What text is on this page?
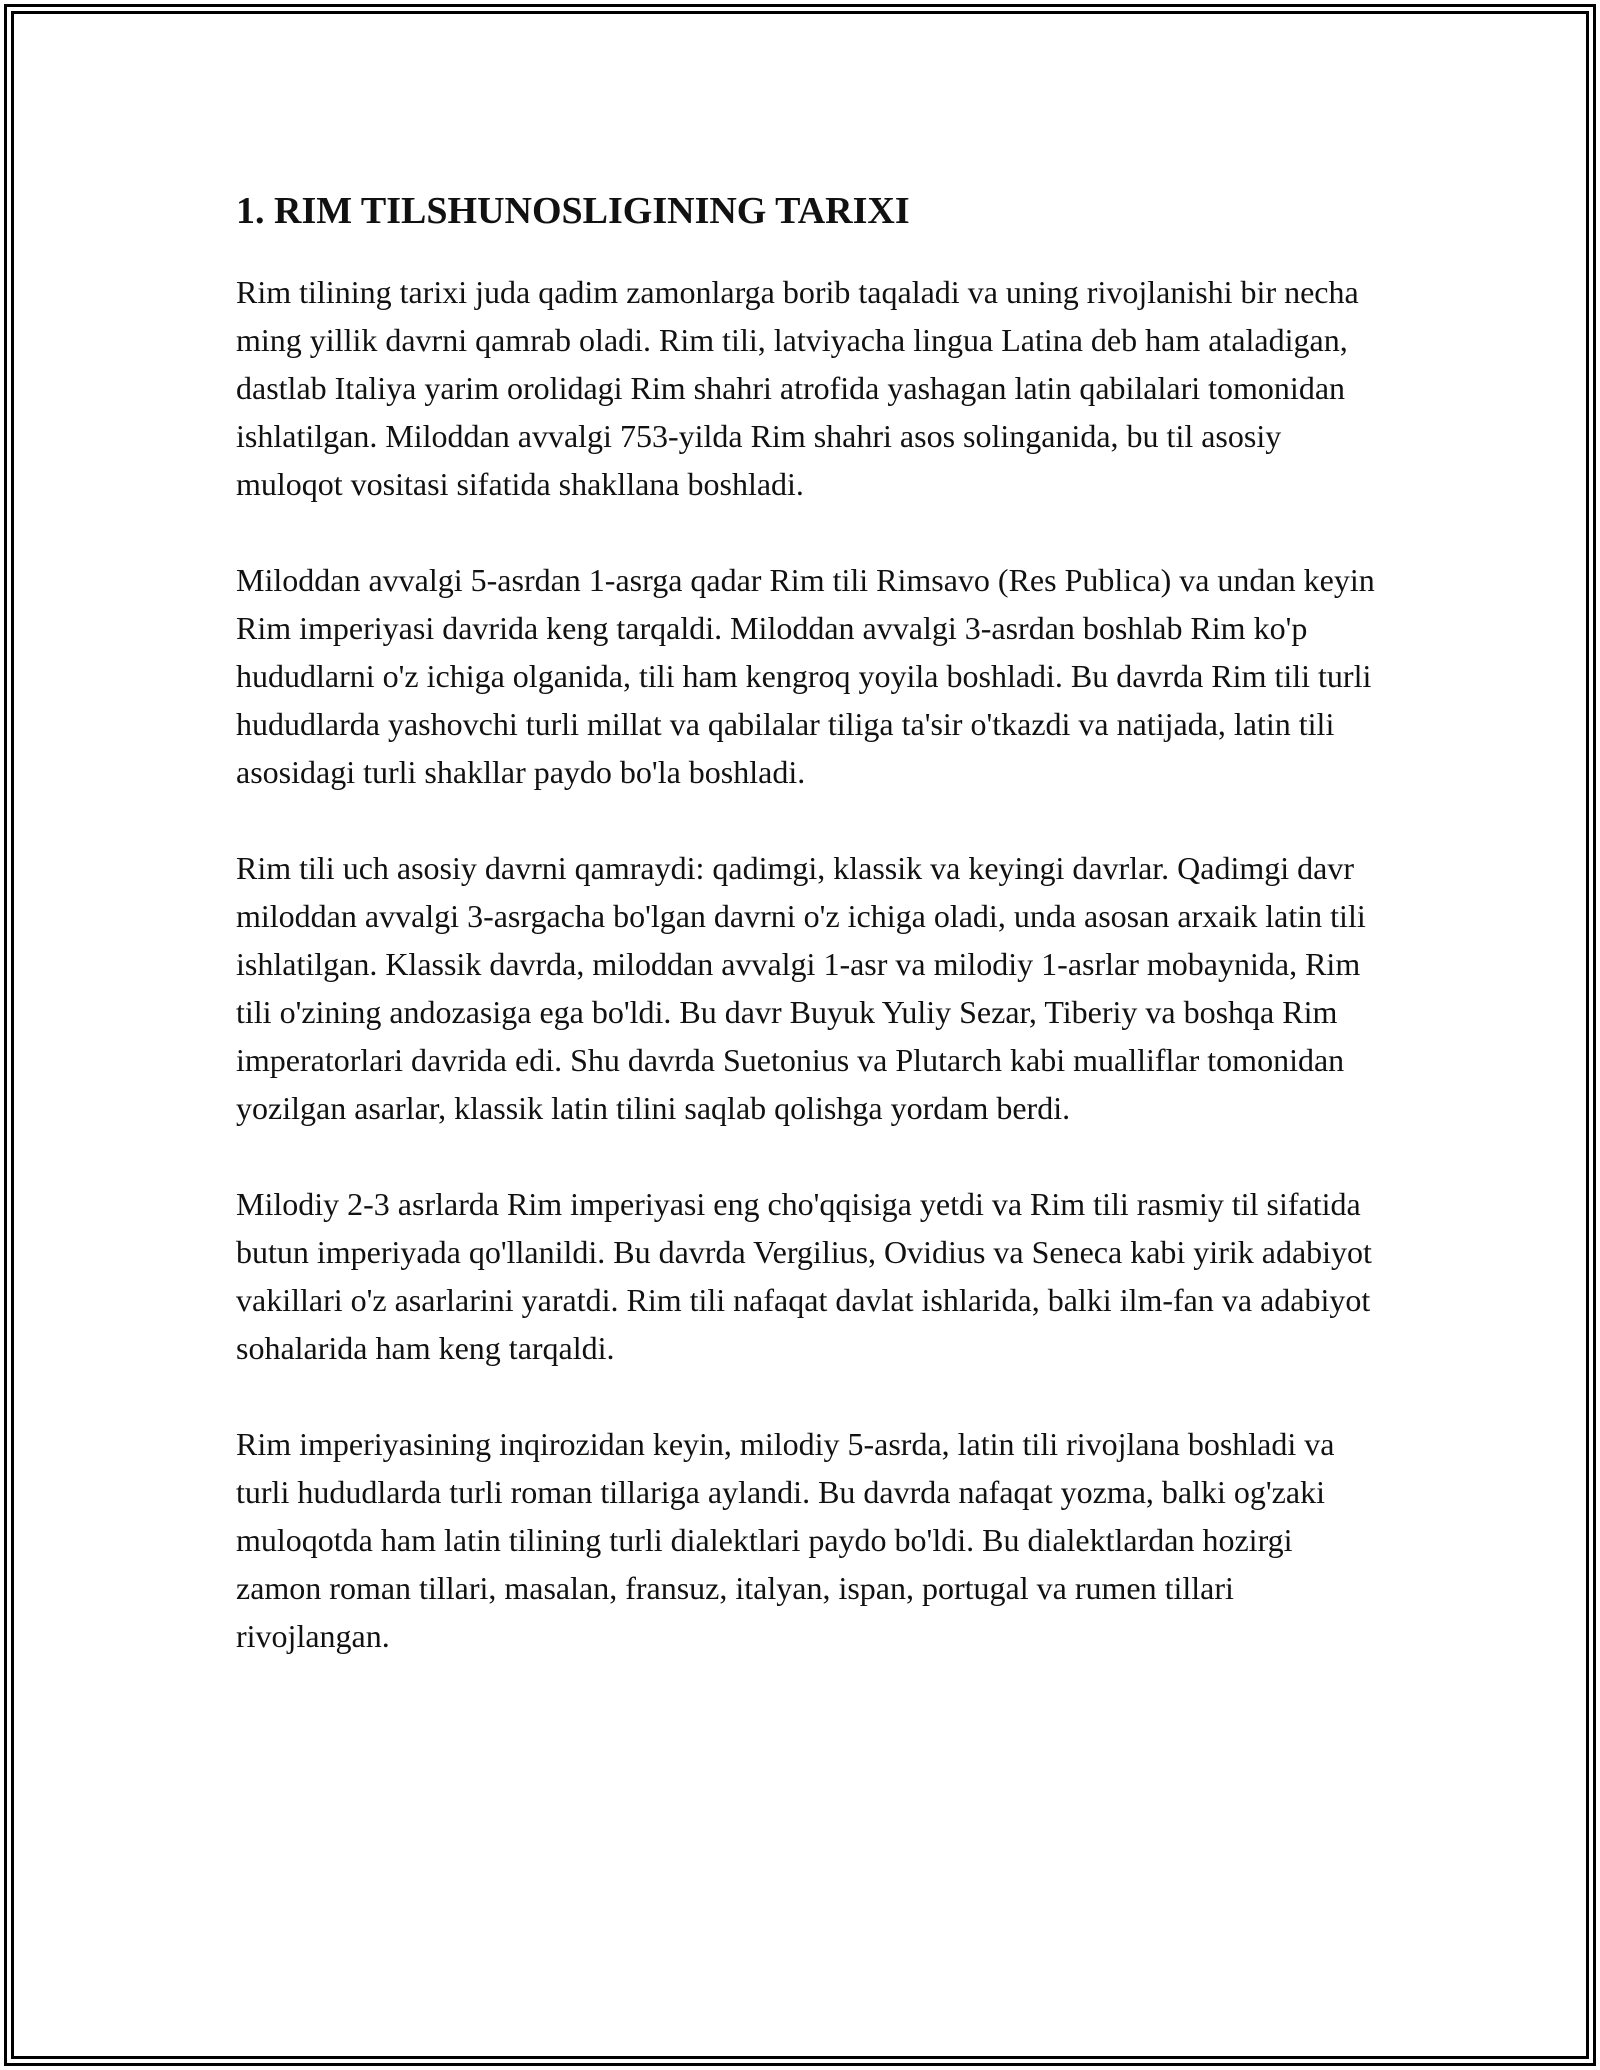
1. RIM TILSHUNOSLIGINING TARIXI

Rim tilining tarixi juda qadim zamonlarga borib taqaladi va uning rivojlanishi bir necha ming yillik davrni qamrab oladi. Rim tili, latviyacha lingua Latina deb ham ataladigan, dastlab Italiya yarim orolidagi Rim shahri atrofida yashagan latin qabilalari tomonidan ishlatilgan. Miloddan avvalgi 753-yilda Rim shahri asos solinganida, bu til asosiy muloqot vositasi sifatida shakllana boshladi.

Miloddan avvalgi 5-asrdan 1-asrga qadar Rim tili Rimsavo (Res Publica) va undan keyin Rim imperiyasi davrida keng tarqaldi. Miloddan avvalgi 3-asrdan boshlab Rim ko'p hududlarni o'z ichiga olganida, tili ham kengroq yoyila boshladi. Bu davrda Rim tili turli hududlarda yashovchi turli millat va qabilalar tiliga ta'sir o'tkazdi va natijada, latin tili asosidagi turli shakllar paydo bo'la boshladi.

Rim tili uch asosiy davrni qamraydi: qadimgi, klassik va keyingi davrlar. Qadimgi davr miloddan avvalgi 3-asrgacha bo'lgan davrni o'z ichiga oladi, unda asosan arxaik latin tili ishlatilgan. Klassik davrda, miloddan avvalgi 1-asr va milodiy 1-asrlar mobaynida, Rim tili o'zining andozasiga ega bo'ldi. Bu davr Buyuk Yuliy Sezar, Tiberiy va boshqa Rim imperatorlari davrida edi. Shu davrda Suetonius va Plutarch kabi mualliflar tomonidan yozilgan asarlar, klassik latin tilini saqlab qolishga yordam berdi.

Milodiy 2-3 asrlarda Rim imperiyasi eng cho'qqisiga yetdi va Rim tili rasmiy til sifatida butun imperiyada qo'llanildi. Bu davrda Vergilius, Ovidius va Seneca kabi yirik adabiyot vakillari o'z asarlarini yaratdi. Rim tili nafaqat davlat ishlarida, balki ilm-fan va adabiyot sohalarida ham keng tarqaldi.

Rim imperiyasining inqirozidan keyin, milodiy 5-asrda, latin tili rivojlana boshladi va turli hududlarda turli roman tillariga aylandi. Bu davrda nafaqat yozma, balki og'zaki muloqotda ham latin tilining turli dialektlari paydo bo'ldi. Bu dialektlardan hozirgi zamon roman tillari, masalan, fransuz, italyan, ispan, portugal va rumen tillari rivojlangan.
